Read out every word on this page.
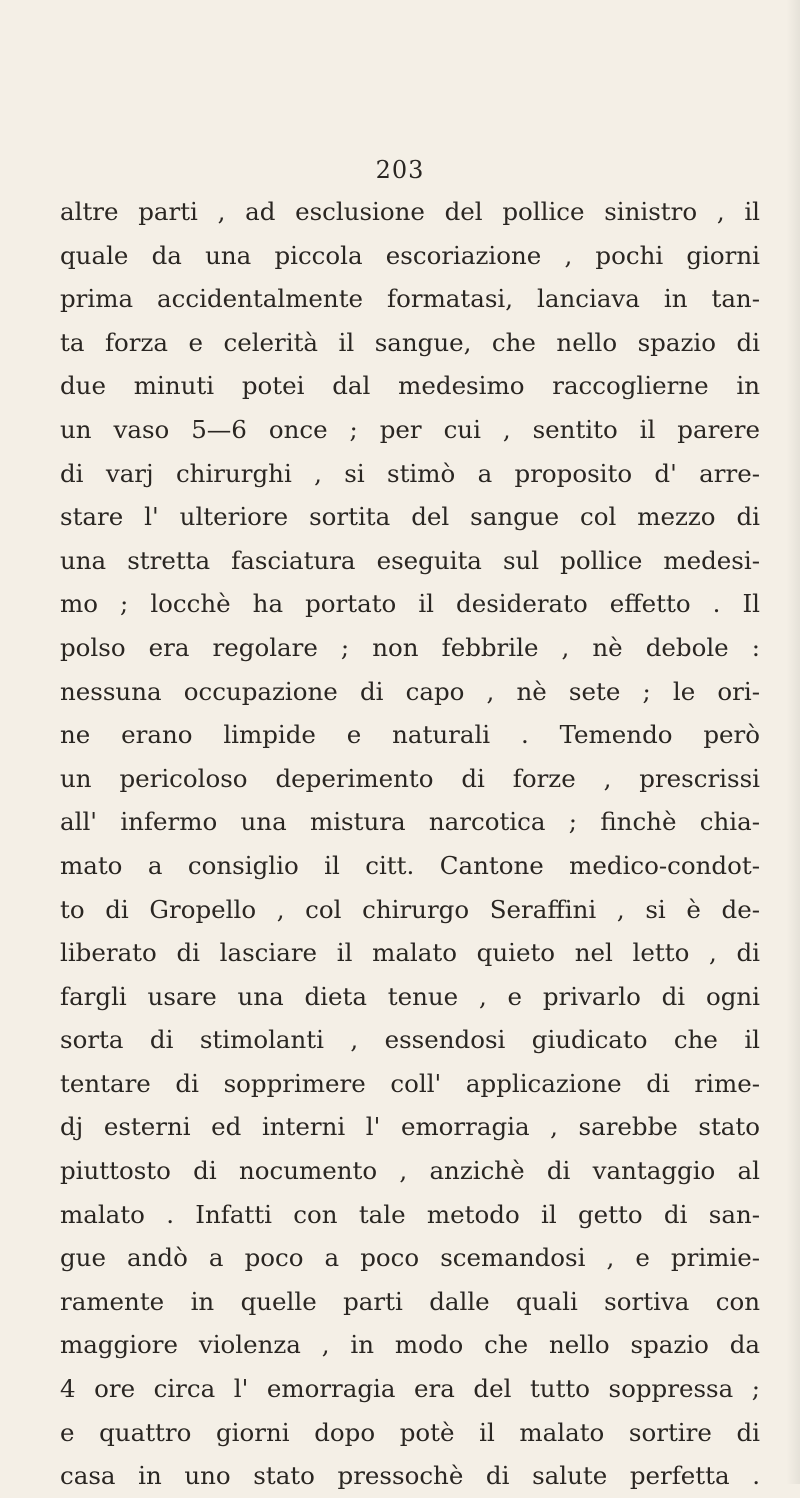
203
altre parti , ad esclusione del pollice sinistro , il
quale da una piccola escoriazione , pochi giorni
prima accidentalmente formatasi, lanciava in tan-
ta forza e celerità il sangue, che nello spazio di
due minuti potei dal medesimo raccoglierne in
un vaso 5—6 once ; per cui , sentito il parere
di varj chirurghi , si stimò a proposito d' arre-
stare l' ulteriore sortita del sangue col mezzo di
una stretta fasciatura eseguita sul pollice medesi-
mo ; locchè ha portato il desiderato effetto . Il
polso era regolare ; non febbrile , nè debole :
nessuna occupazione di capo , nè sete ; le ori-
ne erano limpide e naturali . Temendo però
un pericoloso deperimento di forze , prescrissi
all' infermo una mistura narcotica ; finchè chia-
mato a consiglio il citt. Cantone medico-condot-
to di Gropello , col chirurgo Seraffini , si è de-
liberato di lasciare il malato quieto nel letto , di
fargli usare una dieta tenue , e privarlo di ogni
sorta di stimolanti , essendosi giudicato che il
tentare di sopprimere coll' applicazione di rime-
dj esterni ed interni l' emorragia , sarebbe stato
piuttosto di nocumento , anzichè di vantaggio al
malato . Infatti con tale metodo il getto di san-
gue andò a poco a poco scemandosi , e primie-
ramente in quelle parti dalle quali sortiva con
maggiore violenza , in modo che nello spazio da
4 ore circa l' emorragia era del tutto soppressa ;
e quattro giorni dopo potè il malato sortire di
casa in uno stato pressochè di salute perfetta .
